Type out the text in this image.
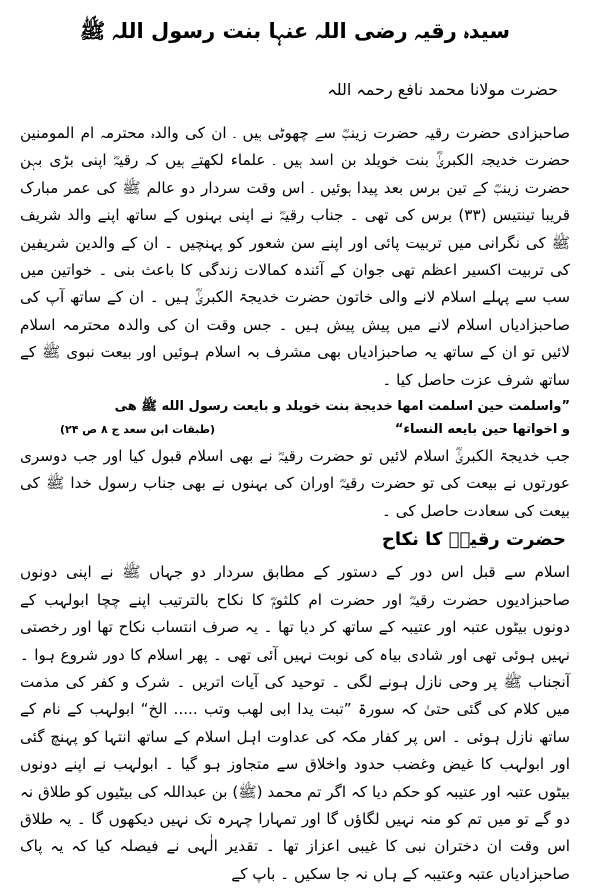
سیدہ رقیہ رضی اللہ عنہا بنت رسول اللہ ﷺ
حضرت مولانا محمد نافع رحمہ اللہ

صاحبزادی حضرت رقیہ حضرت زینبؓ سے چھوٹی ہیں ۔ ان کی والدہ محترمہ ام المومنین حضرت خدیجۃ الکبریٰؓ بنت خویلد بن اسد ہیں ۔ علماء لکھتے ہیں کہ رقیہؓ اپنی بڑی بہن حضرت زینبؓ کے تین برس بعد پیدا ہوئیں ۔ اس وقت سردار دو عالم ﷺ کی عمر مبارک قریبا تینتیس (۳۳) برس کی تھی ۔ جناب رقیہؓ نے اپنی بہنوں کے ساتھ اپنے والد شریف ﷺ کی نگرانی میں تربیت پائی اور اپنے سن شعور کو پہنچیں ۔ ان کے والدین شریفین کی تربیت اکسیر اعظم تھی جوان کے آئندہ کمالات زندگی کا باعث بنی ۔ خواتین میں سب سے پہلے اسلام لانے والی خاتون حضرت خدیجۃ الکبریٰؓ ہیں ۔ ان کے ساتھ آپ کی صاحبزادیاں اسلام لانے میں پیش پیش ہیں ۔ جس وقت ان کی والدہ محترمہ اسلام لائیں تو ان کے ساتھ یہ صاحبزادیاں بھی مشرف بہ اسلام ہوئیں اور بیعت نبوی ﷺ کے ساتھ شرف عزت حاصل کیا ۔

”واسلمت حین اسلمت امها خدیجة بنت خویلد و بایعت رسول الله ﷺ هی

و اخواتها حین بایعه النساء“
(طبقات ابن سعد ج ۸ ص ۲۴)

جب خدیجۃ الکبریٰؓ اسلام لائیں تو حضرت رقیہؓ نے بھی اسلام قبول کیا اور جب دوسری عورتوں نے بیعت کی تو حضرت رقیہؓ اوران کی بہنوں نے بھی جناب رسول خدا ﷺ کی بیعت کی سعادت حاصل کی ۔

حضرت رقیہؓ کا نکاح

اسلام سے قبل اس دور کے دستور کے مطابق سردار دو جہاں ﷺ نے اپنی دونوں صاحبزادیوں حضرت رقیہؓ اور حضرت ام کلثومؓ کا نکاح بالترتیب اپنے چچا ابولہب کے دونوں بیٹوں عتبہ اور عتیبہ کے ساتھ کر دیا تھا ۔ یہ صرف انتساب نکاح تھا اور رخصتی نہیں ہوئی تھی اور شادی بیاہ کی نوبت نہیں آئی تھی ۔ پھر اسلام کا دور شروع ہوا ۔ آنجناب ﷺ پر وحی نازل ہونے لگی ۔ توحید کی آیات اتریں ۔ شرک و کفر کی مذمت میں کلام کی گئی حتیٰ کہ سورۃ ”تبت یدا ابی لھب وتب ..... الخ“ ابولہب کے نام کے ساتھ نازل ہوئی ۔ اس پر کفار مکہ کی عداوت اہل اسلام کے ساتھ انتہا کو پہنچ گئی اور ابولہب کا غیض وغضب حدود واخلاق سے متجاوز ہو گیا ۔ ابولہب نے اپنے دونوں بیٹوں عتبہ اور عتیبہ کو حکم دیا کہ اگر تم محمد (ﷺ) بن عبداللہ کی بیٹیوں کو طلاق نہ دو گے تو میں تم کو منہ نہیں لگاؤں گا اور تمہارا چہرہ تک نہیں دیکھوں گا ۔ یہ طلاق اس وقت ان دختران نبی کا غیبی اعزاز تھا ۔ تقدیر الٰہی نے فیصلہ کیا کہ یہ پاک صاحبزادیاں عتبہ وعتیبہ کے ہاں نہ جا سکیں ۔ باپ کے
